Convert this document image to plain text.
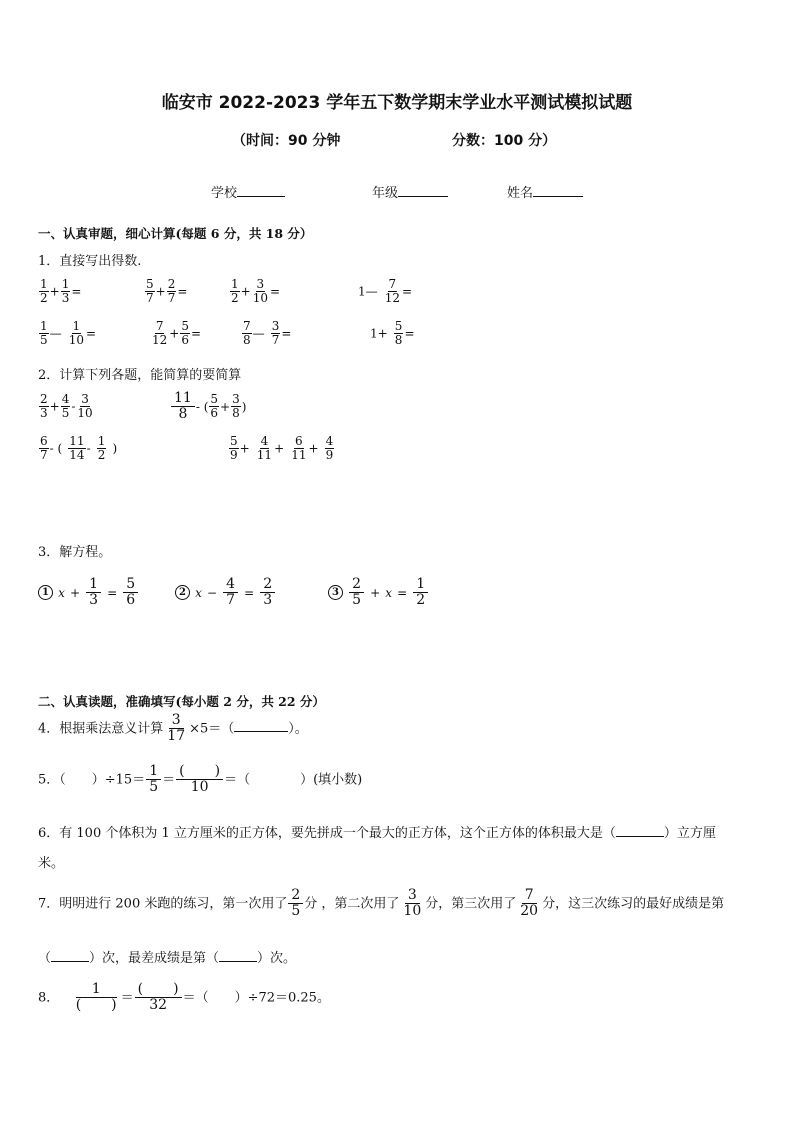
临安市 2022-2023 学年五下数学期末学业水平测试模拟试题
（时间：90 分钟	分数：100 分）
学校	年级	姓名
一、认真审题，细心计算(每题 6 分，共 18 分）
1．直接写出得数.
$\frac{1}{2} + \frac{1}{3}$ =	$\frac{5}{7} + \frac{2}{7}$ =	$\frac{1}{2} + \frac{3}{10}$ =	1— $\frac{7}{12}$ =
$\frac{1}{5}$ — $\frac{1}{10}$ =	$\frac{7}{12} + \frac{5}{6}$ =	$\frac{7}{8}$ — $\frac{3}{7}$ =	$1+ \frac{5}{8}$ =
2．计算下列各题，能简算的要简算
$\frac{2}{3} + \frac{4}{5} - \frac{3}{10}$	$\frac{11}{8}$ - ( $\frac{5}{6} + \frac{3}{8}$ )
$\frac{6}{7}$ - ( $\frac{11}{14} - \frac{1}{2}$ )	$\frac{5}{9} + \frac{4}{11} + \frac{6}{11} + \frac{4}{9}$
3．解方程。
1 $x + \frac{1}{3} = \frac{5}{6}$	2 $x - \frac{4}{7} = \frac{2}{3}$	$3 \frac{2}{5} + x = \frac{1}{2}$
二、认真读题，准确填写(每小题 2 分，共 22 分）
4．根据乘法意义计算 $\frac{3}{17} \times 5=$（	）。
5．（　　）$\div 15= \frac{1}{5} = \frac{( )}{10}$ ＝（	）(填小数)
6．有 100 个体积为 1 立方厘米的正方体，要先拼成一个最大的正方体，这个正方体的体积最大是（	）立方厘
米。
7．明明进行 200 米跑的练习，第一次用了 $\frac{2}{5}$ 分 ，第二次用了 $\frac{3}{10}$ 分，第三次用了 $\frac{7}{20}$ 分，这三次练习的最好成绩是第
（	）次，最差成绩是第（	）次。
8． $\frac{1}{( )} = \frac{( )}{32}$ ＝（　　）÷72＝0.25。
